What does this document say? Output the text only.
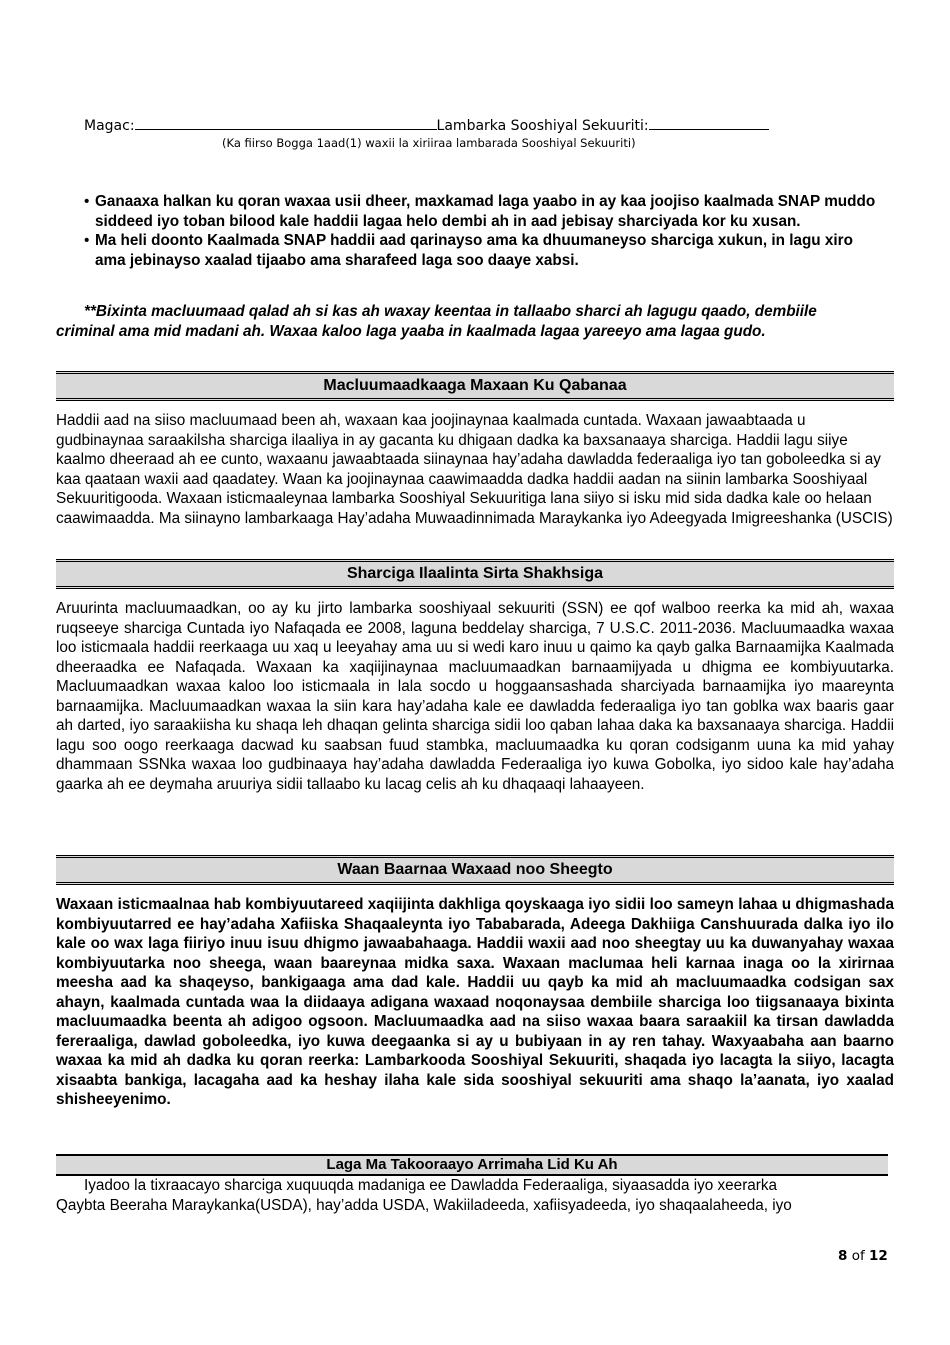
Magac:	Lambarka Sooshiyal Sekuuriti:
(Ka fiirso Bogga 1aad(1) waxii la xiriiraa lambarada Sooshiyal Sekuuriti)
• Ganaaxa halkan ku qoran waxaa usii dheer, maxkamad laga yaabo in ay kaa joojiso kaalmada SNAP muddo siddeed iyo toban bilood kale haddii lagaa helo dembi ah in aad jebisay sharciyada kor ku xusan.
• Ma heli doonto Kaalmada SNAP haddii aad qarinayso ama ka dhuumaneyso sharciga xukun, in lagu xiro ama jebinayso xaalad tijaabo ama sharafeed laga soo daaye xabsi.
**Bixinta macluumaad qalad ah si kas ah waxay keentaa in tallaabo sharci ah lagugu qaado, dembiile criminal ama mid madani ah. Waxaa kaloo laga yaaba in kaalmada lagaa yareeyo ama lagaa gudo.
Macluumaadkaaga Maxaan Ku Qabanaa
Haddii aad na siiso macluumaad been ah, waxaan kaa joojinaynaa kaalmada cuntada. Waxaan jawaabtaada u gudbinaynaa saraakilsha sharciga ilaaliya in ay gacanta ku dhigaan dadka ka baxsanaaya sharciga. Haddii lagu siiye kaalmo dheeraad ah ee cunto, waxaanu jawaabtaada siinaynaa hay’adaha dawladda federaaliga iyo tan goboleedka si ay kaa qaataan waxii aad qaadatey. Waan ka joojinaynaa caawimaadda dadka haddii aadan na siinin lambarka Sooshiyaal Sekuuritigooda. Waxaan isticmaaleynaa lambarka Sooshiyal Sekuuritiga lana siiyo si isku mid sida dadka kale oo helaan caawimaadda. Ma siinayno lambarkaaga Hay’adaha Muwaadinnimada Maraykanka iyo Adeegyada Imigreeshanka (USCIS)
Sharciga Ilaalinta Sirta Shakhsiga
Aruurinta macluumaadkan, oo ay ku jirto lambarka sooshiyaal sekuuriti (SSN) ee qof walboo reerka ka mid ah, waxaa ruqseeye sharciga Cuntada iyo Nafaqada ee 2008, laguna beddelay sharciga, 7 U.S.C. 2011-2036. Macluumaadka waxaa loo isticmaala haddii reerkaaga uu xaq u leeyahay ama uu si wedi karo inuu u qaimo ka qayb galka Barnaamijka Kaalmada dheeraadka ee Nafaqada. Waxaan ka xaqiijinaynaa macluumaadkan barnaamijyada u dhigma ee kombiyuutarka. Macluumaadkan waxaa kaloo loo isticmaala in lala socdo u hoggaansashada sharciyada barnaamijka iyo maareynta barnaamijka. Macluumaadkan waxaa la siin kara hay’adaha kale ee dawladda federaaliga iyo tan goblka wax baaris gaar ah darted, iyo saraakiisha ku shaqa leh dhaqan gelinta sharciga sidii loo qaban lahaa daka ka baxsanaaya sharciga. Haddii lagu soo oogo reerkaaga dacwad ku saabsan fuud stambka, macluumaadka ku qoran codsiganm uuna ka mid yahay dhammaan SSNka waxaa loo gudbinaaya hay’adaha dawladda Federaaliga iyo kuwa Gobolka, iyo sidoo kale hay’adaha gaarka ah ee deymaha aruuriya sidii tallaabo ku lacag celis ah ku dhaqaaqi lahaayeen.
Waan Baarnaa Waxaad noo Sheegto
Waxaan isticmaalnaa hab kombiyuutareed xaqiijinta dakhliga qoyskaaga iyo sidii loo sameyn lahaa u dhigmashada kombiyuutarred ee hay’adaha Xafiiska Shaqaaleynta iyo Tababarada, Adeega Dakhiiga Canshuurada dalka iyo ilo kale oo wax laga fiiriyo inuu isuu dhigmo jawaabahaaga. Haddii waxii aad noo sheegtay uu ka duwanyahay waxaa kombiyuutarka noo sheega, waan baareynaa midka saxa. Waxaan maclumaa heli karnaa inaga oo la xirirnaa meesha aad ka shaqeyso, bankigaaga ama dad kale. Haddii uu qayb ka mid ah macluumaadka codsigan sax ahayn, kaalmada cuntada waa la diidaaya adigana waxaad noqonaysaa dembiile sharciga loo tiigsanaaya bixinta macluumaadka beenta ah adigoo ogsoon. Macluumaadka aad na siiso waxaa baara saraakiil ka tirsan dawladda fereraaliga, dawlad goboleedka, iyo kuwa deegaanka si ay u bubiyaan in ay ren tahay. Waxyaabaha aan baarno waxaa ka mid ah dadka ku qoran reerka: Lambarkooda Sooshiyal Sekuuriti, shaqada iyo lacagta la siiyo, lacagta xisaabta bankiga, lacagaha aad ka heshay ilaha kale sida sooshiyal sekuuriti ama shaqo la’aanata, iyo xaalad shisheeyenimo.
Laga Ma Takooraayo Arrimaha Lid Ku Ah
Iyadoo la tixraacayo sharciga xuquuqda madaniga ee Dawladda Federaaliga, siyaasadda iyo xeerarka
Qaybta Beeraha Maraykanka(USDA), hay’adda USDA, Wakiiladeeda, xafiisyadeeda, iyo shaqaalaheeda, iyo
8 of 12
